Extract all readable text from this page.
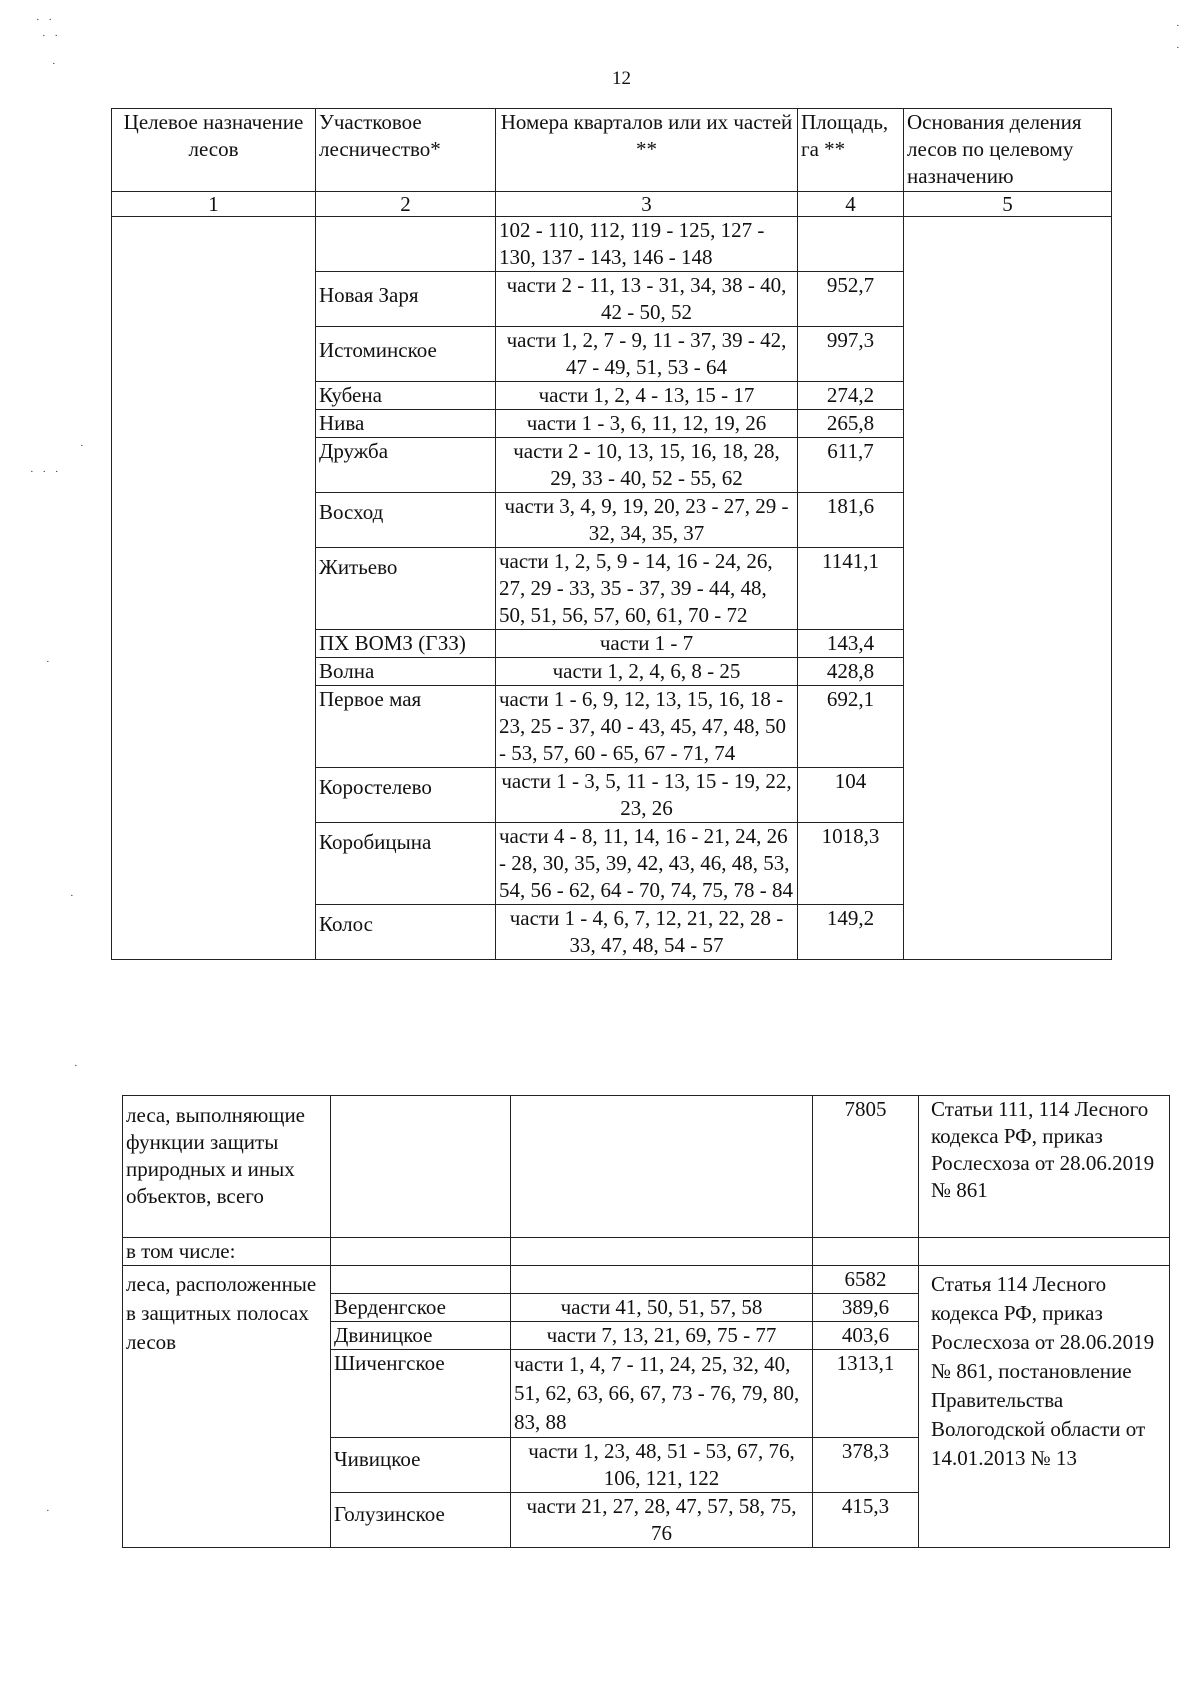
12
· ·
· ·
·
·
·
· · ·
·
·
·
·
·
Целевое назначение лесов	Участковое лесничество*	Номера кварталов или их частей **	Площадь, га **	Основания деления лесов по целевому назначению
1	2	3	4	5
		102 - 110, 112, 119 - 125, 127 - 130, 137 - 143, 146 - 148		
	Новая Заря	части 2 - 11, 13 - 31, 34, 38 - 40, 42 - 50, 52	952,7	
	Истоминское	части 1, 2, 7 - 9, 11 - 37, 39 - 42, 47 - 49, 51, 53 - 64	997,3	
	Кубена	части 1, 2, 4 - 13, 15 - 17	274,2	
	Нива	части 1 - 3, 6, 11, 12, 19, 26	265,8	
	Дружба	части 2 - 10, 13, 15, 16, 18, 28, 29, 33 - 40, 52 - 55, 62	611,7	
	Восход	части 3, 4, 9, 19, 20, 23 - 27, 29 - 32, 34, 35, 37	181,6	
	Житьево	части 1, 2, 5, 9 - 14, 16 - 24, 26, 27, 29 - 33, 35 - 37, 39 - 44, 48, 50, 51, 56, 57, 60, 61, 70 - 72	1141,1	
	ПХ ВОМЗ (ГЗЗ)	части 1 - 7	143,4	
	Волна	части 1, 2, 4, 6, 8 - 25	428,8	
	Первое мая	части 1 - 6, 9, 12, 13, 15, 16, 18 - 23, 25 - 37, 40 - 43, 45, 47, 48, 50 - 53, 57, 60 - 65, 67 - 71, 74	692,1	
	Коростелево	части 1 - 3, 5, 11 - 13, 15 - 19, 22, 23, 26	104	
	Коробицына	части 4 - 8, 11, 14, 16 - 21, 24, 26 - 28, 30, 35, 39, 42, 43, 46, 48, 53, 54, 56 - 62, 64 - 70, 74, 75, 78 - 84	1018,3	
	Колос	части 1 - 4, 6, 7, 12, 21, 22, 28 - 33, 47, 48, 54 - 57	149,2	
леса, выполняющие функции защиты природных и иных объектов, всего			7805	Статьи 111, 114 Лесного кодекса РФ, приказ Рослесхоза от 28.06.2019 № 861
в том числе:				
леса, расположенные в защитных полосах лесов			6582	Статья 114 Лесного кодекса РФ, приказ Рослесхоза от 28.06.2019 № 861, постановление Правительства Вологодской области от 14.01.2013 № 13
	Верденгское	части 41, 50, 51, 57, 58	389,6	
	Двиницкое	части 7, 13, 21, 69, 75 - 77	403,6	
	Шиченгское	части 1, 4, 7 - 11, 24, 25, 32, 40, 51, 62, 63, 66, 67, 73 - 76, 79, 80, 83, 88	1313,1	
	Чивицкое	части 1, 23, 48, 51 - 53, 67, 76, 106, 121, 122	378,3	
	Голузинское	части 21, 27, 28, 47, 57, 58, 75, 76	415,3	
